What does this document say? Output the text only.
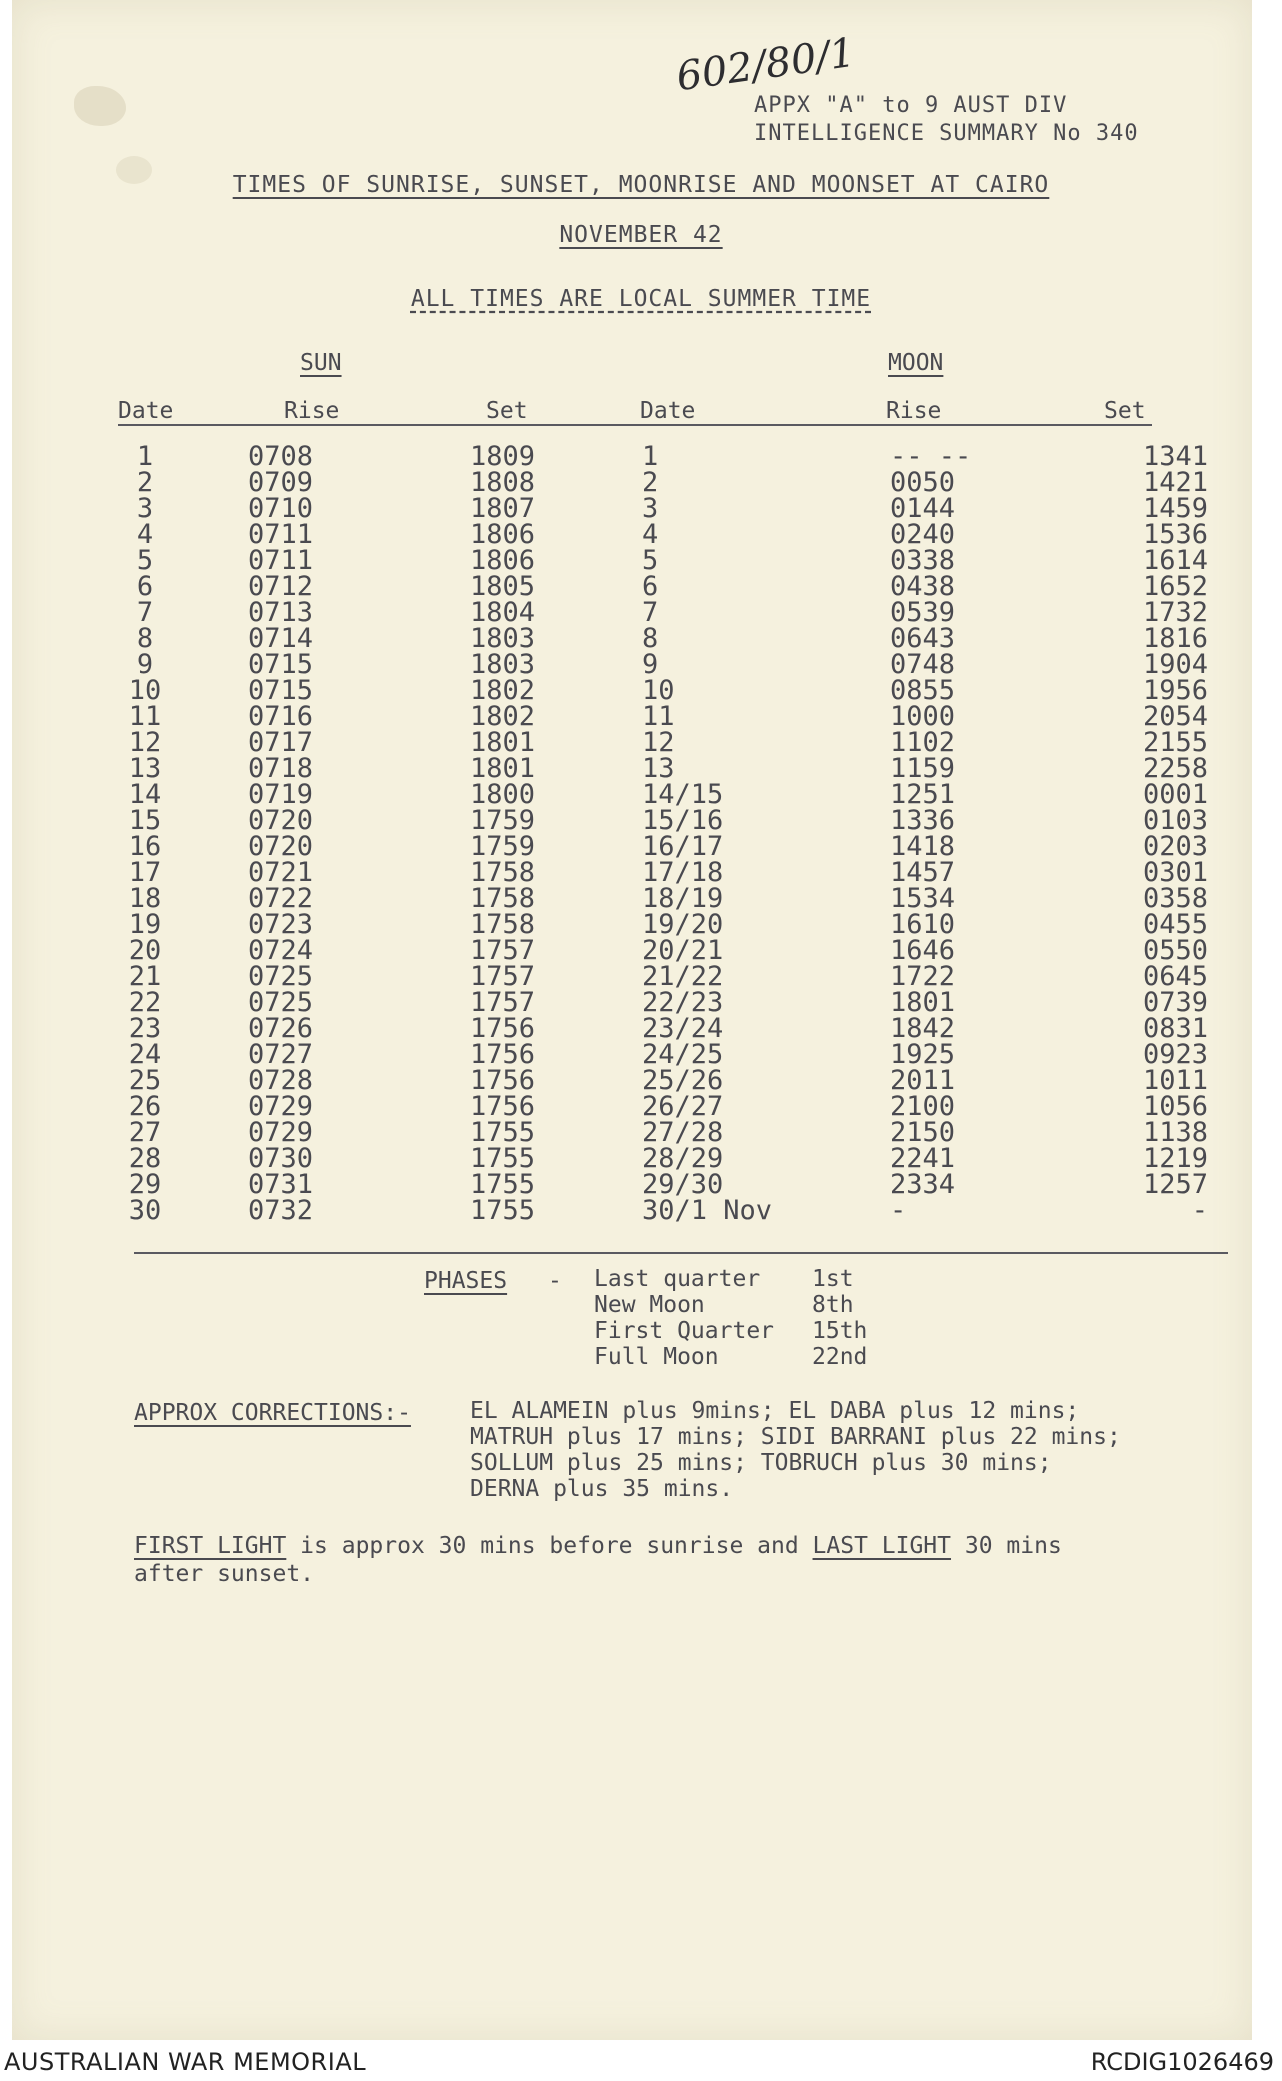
602/80/1
APPX "A" to 9 AUST DIV
INTELLIGENCE SUMMARY No 340
TIMES OF SUNRISE, SUNSET, MOONRISE AND MOONSET AT CAIRO
NOVEMBER 42
ALL TIMES ARE LOCAL SUMMER TIME
SUN	MOON
Date	Rise	Set	Date	Rise	Set
1	0708	1809	1	-- --	1341
2	0709	1808	2	0050	1421
3	0710	1807	3	0144	1459
4	0711	1806	4	0240	1536
5	0711	1806	5	0338	1614
6	0712	1805	6	0438	1652
7	0713	1804	7	0539	1732
8	0714	1803	8	0643	1816
9	0715	1803	9	0748	1904
10	0715	1802	10	0855	1956
11	0716	1802	11	1000	2054
12	0717	1801	12	1102	2155
13	0718	1801	13	1159	2258
14	0719	1800	14/15	1251	0001
15	0720	1759	15/16	1336	0103
16	0720	1759	16/17	1418	0203
17	0721	1758	17/18	1457	0301
18	0722	1758	18/19	1534	0358
19	0723	1758	19/20	1610	0455
20	0724	1757	20/21	1646	0550
21	0725	1757	21/22	1722	0645
22	0725	1757	22/23	1801	0739
23	0726	1756	23/24	1842	0831
24	0727	1756	24/25	1925	0923
25	0728	1756	25/26	2011	1011
26	0729	1756	26/27	2100	1056
27	0729	1755	27/28	2150	1138
28	0730	1755	28/29	2241	1219
29	0731	1755	29/30	2334	1257
30	0732	1755	30/1 Nov	-	-
PHASES - Last quarter	1st
New Moon	8th
First Quarter	15th
Full Moon	22nd
APPROX CORRECTIONS:-	EL ALAMEIN plus 9mins; EL DABA plus 12 mins;
MATRUH plus 17 mins; SIDI BARRANI plus 22 mins;
SOLLUM plus 25 mins; TOBRUCH plus 30 mins;
DERNA plus 35 mins.
FIRST LIGHT is approx 30 mins before sunrise and LAST LIGHT 30 mins
after sunset.
AUSTRALIAN WAR MEMORIAL	RCDIG1026469
